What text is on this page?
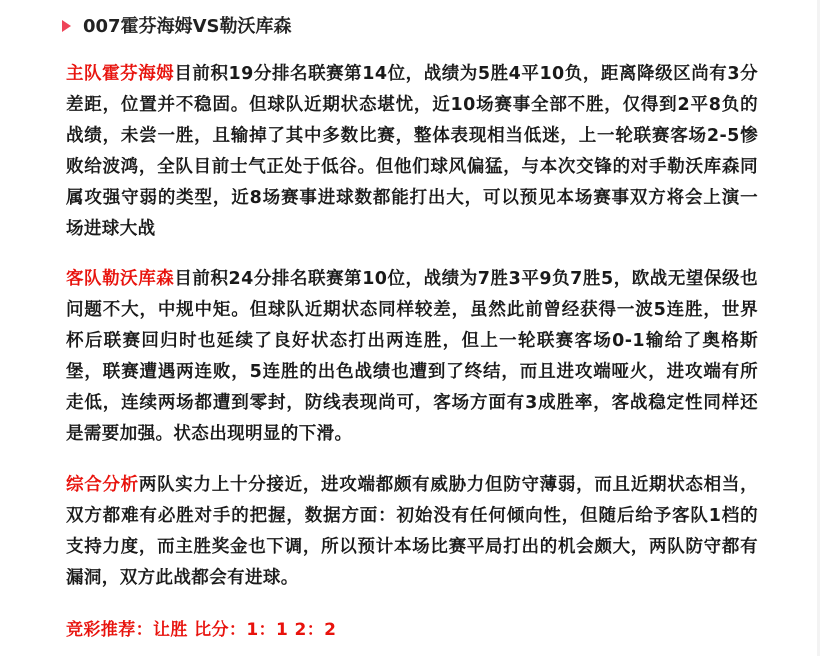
007霍芬海姆VS勒沃库森

主队霍芬海姆目前积19分排名联赛第14位，战绩为5胜4平10负，距离降级区尚有3分差距，位置并不稳固。但球队近期状态堪忧，近10场赛事全部不胜，仅得到2平8负的战绩，未尝一胜，且输掉了其中多数比赛，整体表现相当低迷，上一轮联赛客场2-5惨败给波鸿，全队目前士气正处于低谷。但他们球风偏猛，与本次交锋的对手勒沃库森同属攻强守弱的类型，近8场赛事进球数都能打出大，可以预见本场赛事双方将会上演一场进球大战

客队勒沃库森目前积24分排名联赛第10位，战绩为7胜3平9负7胜5，欧战无望保级也问题不大，中规中矩。但球队近期状态同样较差，虽然此前曾经获得一波5连胜，世界杯后联赛回归时也延续了良好状态打出两连胜，但上一轮联赛客场0-1输给了奥格斯堡，联赛遭遇两连败，5连胜的出色战绩也遭到了终结，而且进攻端哑火，进攻端有所走低，连续两场都遭到零封，防线表现尚可，客场方面有3成胜率，客战稳定性同样还是需要加强。状态出现明显的下滑。

综合分析两队实力上十分接近，进攻端都颇有威胁力但防守薄弱，而且近期状态相当，双方都难有必胜对手的把握，数据方面：初始没有任何倾向性，但随后给予客队1档的支持力度，而主胜奖金也下调，所以预计本场比赛平局打出的机会颇大，两队防守都有漏洞，双方此战都会有进球。

竞彩推荐：让胜 比分：1：1 2：2
